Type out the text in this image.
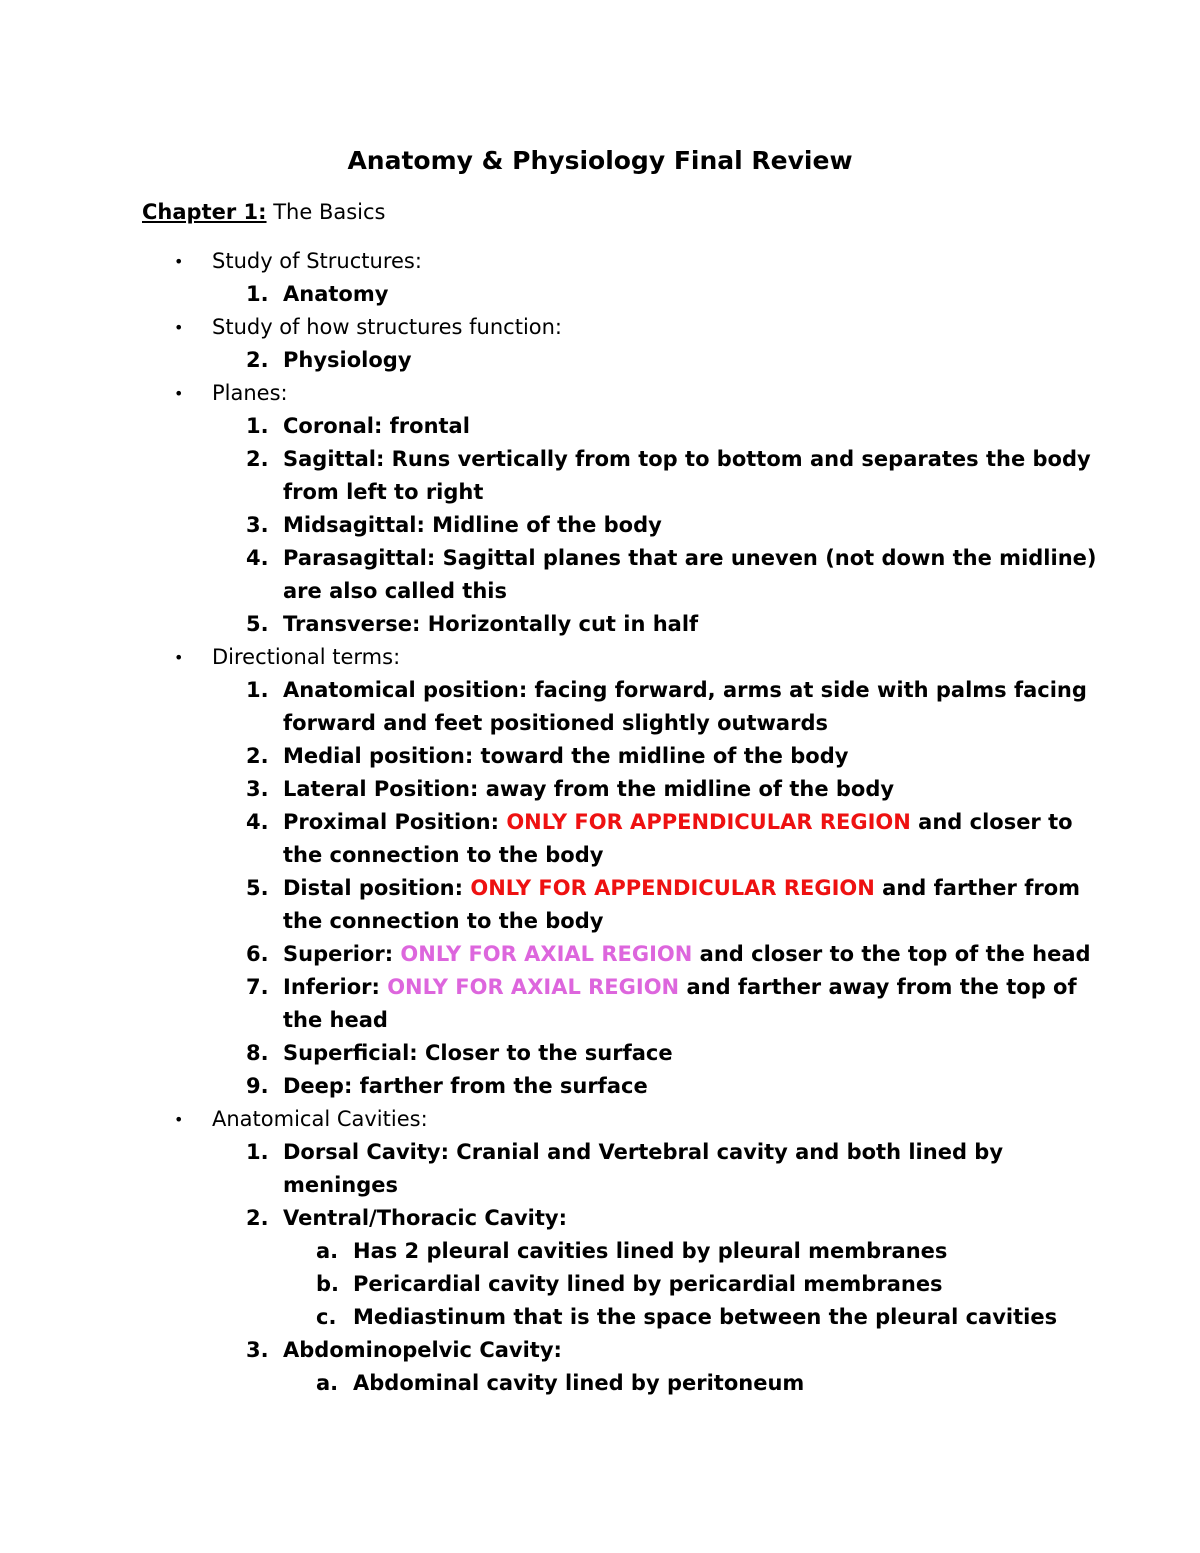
Anatomy & Physiology Final Review
Chapter 1: The Basics
• Study of Structures:
1. Anatomy
• Study of how structures function:
2. Physiology
• Planes:
1. Coronal: frontal
2. Sagittal: Runs vertically from top to bottom and separates the body
from left to right
3. Midsagittal: Midline of the body
4. Parasagittal: Sagittal planes that are uneven (not down the midline)
are also called this
5. Transverse: Horizontally cut in half
• Directional terms:
1. Anatomical position: facing forward, arms at side with palms facing
forward and feet positioned slightly outwards
2. Medial position: toward the midline of the body
3. Lateral Position: away from the midline of the body
4. Proximal Position: ONLY FOR APPENDICULAR REGION and closer to
the connection to the body
5. Distal position: ONLY FOR APPENDICULAR REGION and farther from
the connection to the body
6. Superior: ONLY FOR AXIAL REGION and closer to the top of the head
7. Inferior: ONLY FOR AXIAL REGION and farther away from the top of
the head
8. Superficial: Closer to the surface
9. Deep: farther from the surface
• Anatomical Cavities:
1. Dorsal Cavity: Cranial and Vertebral cavity and both lined by
meninges
2. Ventral/Thoracic Cavity:
a. Has 2 pleural cavities lined by pleural membranes
b. Pericardial cavity lined by pericardial membranes
c. Mediastinum that is the space between the pleural cavities
3. Abdominopelvic Cavity:
a. Abdominal cavity lined by peritoneum
